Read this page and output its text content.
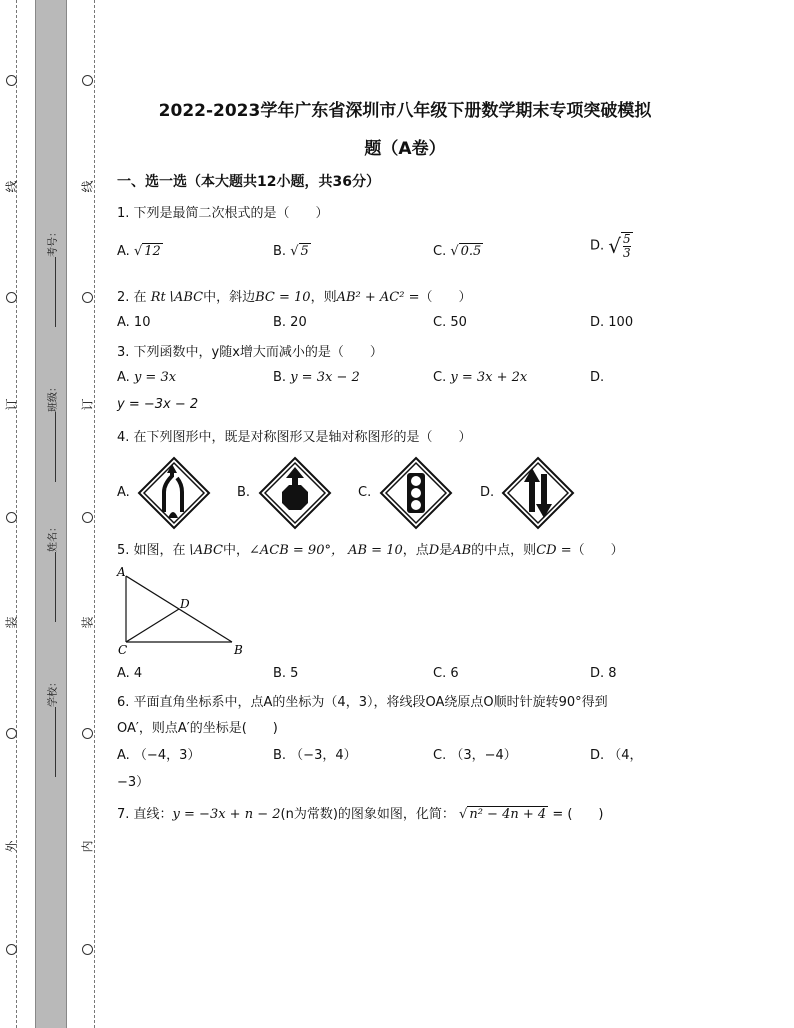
线
订
装
外
线
订
装
内
考号：
班级：
姓名：
学校：
2022-2023学年广东省深圳市八年级下册数学期末专项突破模拟
题（A卷）
一、选一选（本大题共12小题，共36分）
1. 下列是最简二次根式的是（　　）
A. √ 12	B. √ 5	C. √ 0.5	D. √ $\frac{5}{3}$
2. 在 Rt∖ABC中，斜边BC = 10，则AB² + AC² =（　　）
A. 10	B. 20	C. 50	D. 100
3. 下列函数中，y随x增大而减小的是（　　）
A. y = 3x	B. y = 3x − 2	C. y = 3x + 2x	D.
y = −3x − 2
4. 在下列图形中，既是对称图形又是轴对称图形的是（　　）
A.	B.	C.	D.
5. 如图，在∖ABC中，∠ACB = 90°， AB = 10，点D是AB的中点，则CD =（　　）
A
B
C
D
A. 4	B. 5	C. 6	D. 8
6. 平面直角坐标系中，点A的坐标为（4，3），将线段OA绕原点O顺时针旋转90°得到
OA′，则点A′的坐标是(　　)
A. （−4，3）	B. （−3，4）	C. （3，−4）	D. （4，
−3）
7. 直线：y = −3x + n − 2(n为常数)的图象如图，化简： √ n² − 4n + 4 = (　　)
